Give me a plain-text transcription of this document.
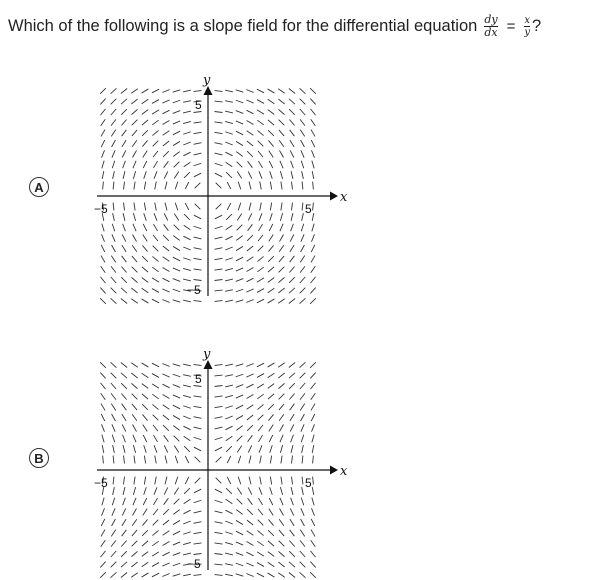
Which of the following is a slope field for the differential equation $\frac{dy}{dx} = \frac{x}{y}$ ?
A
x
y
5
−5
−5	5
B
x
y
5
−5
−5	5
